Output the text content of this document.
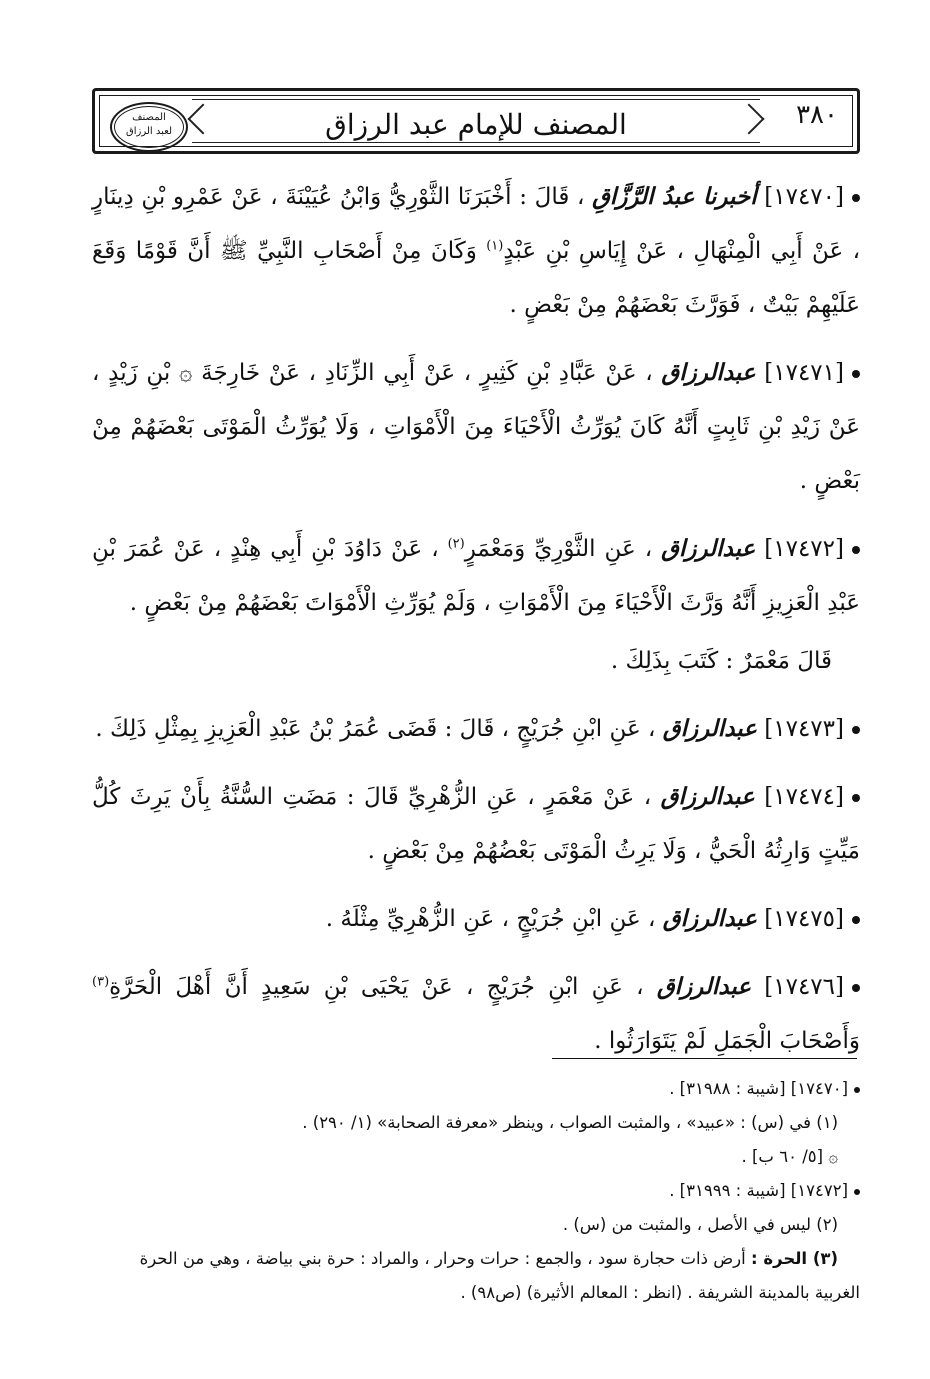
المصنف
لعبد الرزاق	المصنف للإمام عبد الرزاق	٣٨٠

[١٧٤٧٠] أخبرنا عبدُ الرَّزَّاقِ ، قَالَ : أَخْبَرَنَا الثَّوْرِيُّ وَابْنُ عُيَيْنَةَ ، عَنْ عَمْرِو بْنِ دِينَارٍ ، عَنْ أَبِي الْمِنْهَالِ ، عَنْ إِيَاسِ بْنِ عَبْدٍ$^{(١)}$ وَكَانَ مِنْ أَصْحَابِ النَّبِيِّ ﷺ أَنَّ قَوْمًا وَقَعَ عَلَيْهِمْ بَيْتٌ ، فَوَرَّثَ بَعْضَهُمْ مِنْ بَعْضٍ .

[١٧٤٧١] عبدالرزاق ، عَنْ عَبَّادِ بْنِ كَثِيرٍ ، عَنْ أَبِي الزِّنَادِ ، عَنْ خَارِجَةَ ۞ بْنِ زَيْدٍ ، عَنْ زَيْدِ بْنِ ثَابِتٍ أَنَّهُ كَانَ يُوَرِّثُ الْأَحْيَاءَ مِنَ الْأَمْوَاتِ ، وَلَا يُوَرِّثُ الْمَوْتَى بَعْضَهُمْ مِنْ بَعْضٍ .

[١٧٤٧٢] عبدالرزاق ، عَنِ الثَّوْرِيِّ وَمَعْمَرٍ$^{(٢)}$ ، عَنْ دَاوُدَ بْنِ أَبِي هِنْدٍ ، عَنْ عُمَرَ بْنِ عَبْدِ الْعَزِيزِ أَنَّهُ وَرَّثَ الْأَحْيَاءَ مِنَ الْأَمْوَاتِ ، وَلَمْ يُوَرِّثِ الْأَمْوَاتَ بَعْضَهُمْ مِنْ بَعْضٍ .

قَالَ مَعْمَرٌ : كَتَبَ بِذَلِكَ .

[١٧٤٧٣] عبدالرزاق ، عَنِ ابْنِ جُرَيْجٍ ، قَالَ : قَضَى عُمَرُ بْنُ عَبْدِ الْعَزِيزِ بِمِثْلِ ذَلِكَ .

[١٧٤٧٤] عبدالرزاق ، عَنْ مَعْمَرٍ ، عَنِ الزُّهْرِيِّ قَالَ : مَضَتِ السُّنَّةُ بِأَنْ يَرِثَ كُلُّ مَيِّتٍ وَارِثُهُ الْحَيُّ ، وَلَا يَرِثُ الْمَوْتَى بَعْضُهُمْ مِنْ بَعْضٍ .

[١٧٤٧٥] عبدالرزاق ، عَنِ ابْنِ جُرَيْجٍ ، عَنِ الزُّهْرِيِّ مِثْلَهُ .

[١٧٤٧٦] عبدالرزاق ، عَنِ ابْنِ جُرَيْجٍ ، عَنْ يَحْيَى بْنِ سَعِيدٍ أَنَّ أَهْلَ الْحَرَّةِ$^{(٣)}$ وَأَصْحَابَ الْجَمَلِ لَمْ يَتَوَارَثُوا .

[١٧٤٧٠] [شيبة : ٣١٩٨٨] .
(١) في (س) : «عبيد» ، والمثبت الصواب ، وينظر «معرفة الصحابة» (١/ ٢٩٠) .
۞ [٥/ ٦٠ ب] .
[١٧٤٧٢] [شيبة : ٣١٩٩٩] .
(٢) ليس في الأصل ، والمثبت من (س) .
(٣) الحرة : أرض ذات حجارة سود ، والجمع : حرات وحرار ، والمراد : حرة بني بياضة ، وهي من الحرة
الغربية بالمدينة الشريفة . (انظر : المعالم الأثيرة) (ص٩٨) .
